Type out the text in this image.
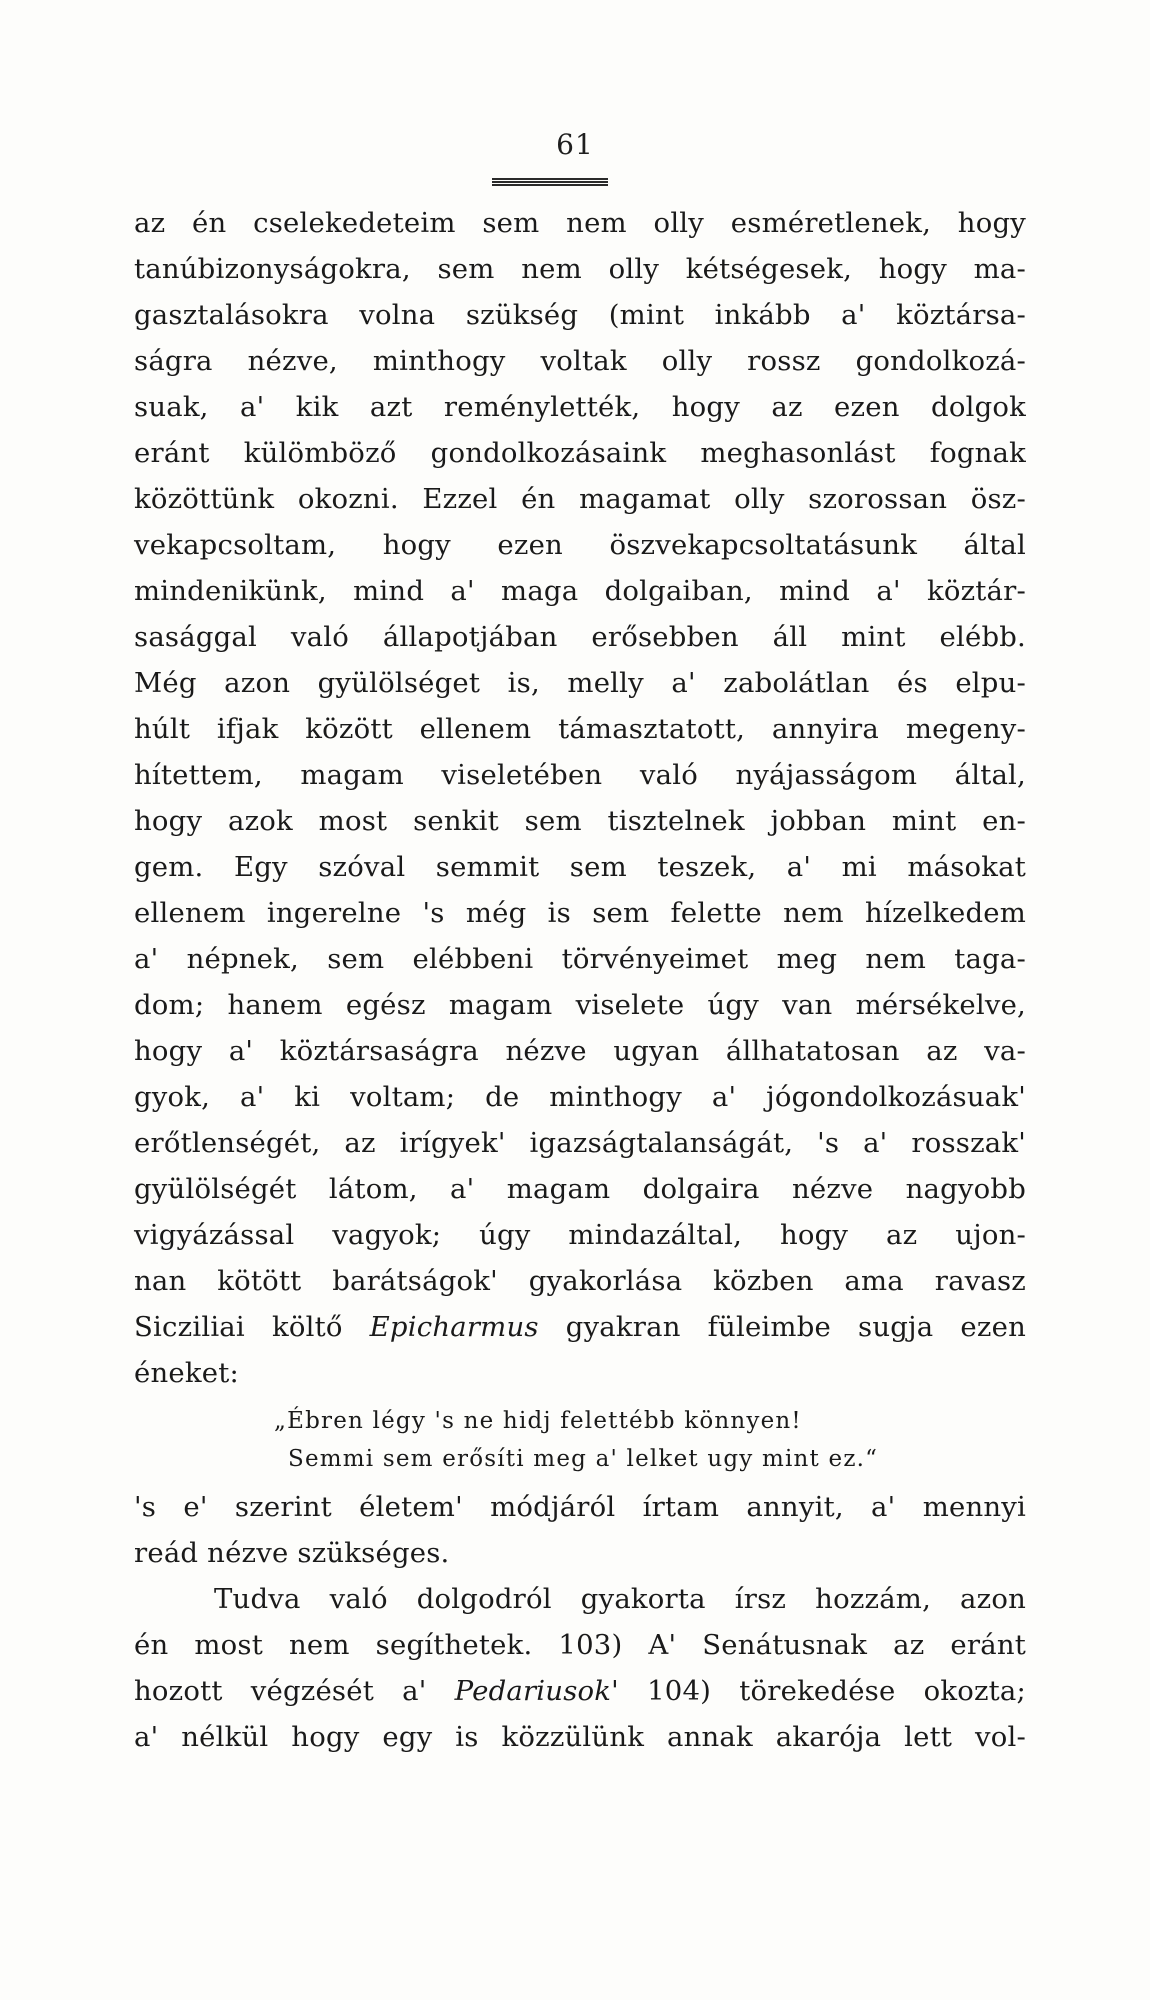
61
az én cselekedeteim sem nem olly esméretlenek, hogy
tanúbizonyságokra, sem nem olly kétségesek, hogy ma-
gasztalásokra volna szükség (mint inkább a' köztársa-
ságra nézve, minthogy voltak olly rossz gondolkozá-
suak, a' kik azt reménylették, hogy az ezen dolgok
eránt külömböző gondolkozásaink meghasonlást fognak
közöttünk okozni. Ezzel én magamat olly szorossan ösz-
vekapcsoltam, hogy ezen öszvekapcsoltatásunk által
mindenikünk, mind a' maga dolgaiban, mind a' köztár-
sasággal való állapotjában erősebben áll mint elébb.
Még azon gyülölséget is, melly a' zabolátlan és elpu-
húlt ifjak között ellenem támasztatott, annyira megeny-
hítettem, magam viseletében való nyájasságom által,
hogy azok most senkit sem tisztelnek jobban mint en-
gem. Egy szóval semmit sem teszek, a' mi másokat
ellenem ingerelne 's még is sem felette nem hízelkedem
a' népnek, sem elébbeni törvényeimet meg nem taga-
dom; hanem egész magam viselete úgy van mérsékelve,
hogy a' köztársaságra nézve ugyan állhatatosan az va-
gyok, a' ki voltam; de minthogy a' jógondolkozásuak'
erőtlenségét, az irígyek' igazságtalanságát, 's a' rosszak'
gyülölségét látom, a' magam dolgaira nézve nagyobb
vigyázással vagyok; úgy mindazáltal, hogy az ujon-
nan kötött barátságok' gyakorlása közben ama ravasz
Sicziliai költő Epicharmus gyakran füleimbe sugja ezen
éneket:
„Ébren légy 's ne hidj felettébb könnyen!
Semmi sem erősíti meg a' lelket ugy mint ez.“
's e' szerint életem' módjáról írtam annyit, a' mennyi
reád nézve szükséges.
Tudva való dolgodról gyakorta írsz hozzám, azon
én most nem segíthetek. 103) A' Senátusnak az eránt
hozott végzését a' Pedariusok' 104) törekedése okozta;
a' nélkül hogy egy is közzülünk annak akarója lett vol-
